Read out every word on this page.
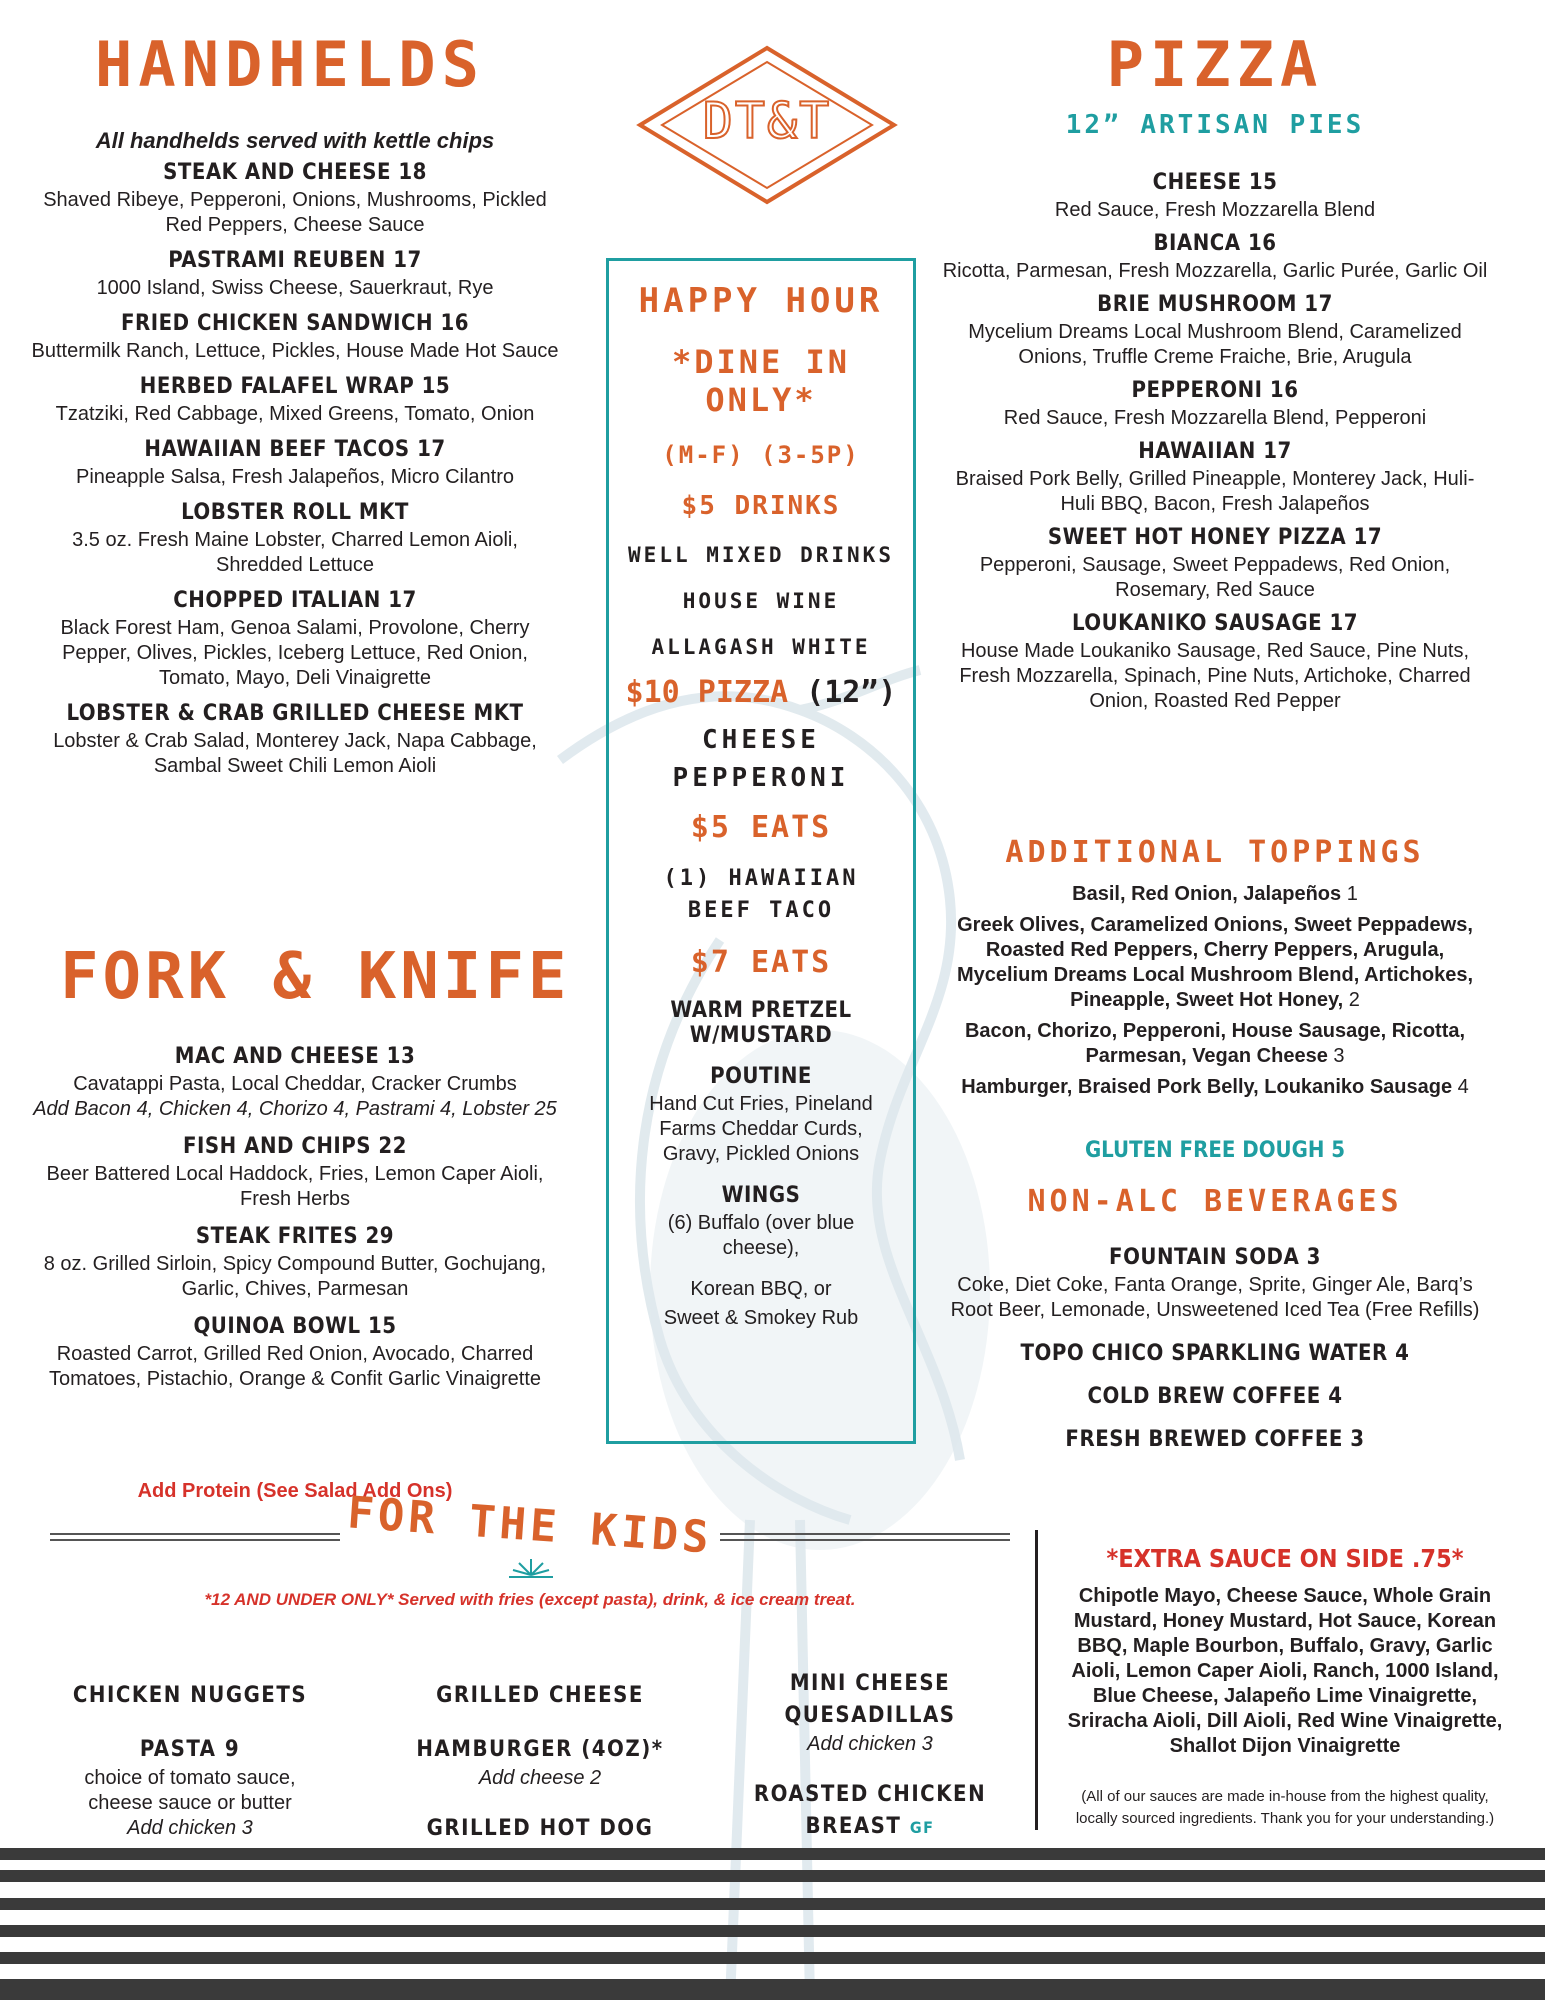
HANDHELDS
All handhelds served with kettle chips
STEAK AND CHEESE 18
Shaved Ribeye, Pepperoni, Onions, Mushrooms, Pickled Red Peppers, Cheese Sauce
PASTRAMI REUBEN 17
1000 Island, Swiss Cheese, Sauerkraut, Rye
FRIED CHICKEN SANDWICH 16
Buttermilk Ranch, Lettuce, Pickles, House Made Hot Sauce
HERBED FALAFEL WRAP 15
Tzatziki, Red Cabbage, Mixed Greens, Tomato, Onion
HAWAIIAN BEEF TACOS 17
Pineapple Salsa, Fresh Jalapeños, Micro Cilantro
LOBSTER ROLL MKT
3.5 oz. Fresh Maine Lobster, Charred Lemon Aioli, Shredded Lettuce
CHOPPED ITALIAN 17
Black Forest Ham, Genoa Salami, Provolone, Cherry Pepper, Olives, Pickles, Iceberg Lettuce, Red Onion, Tomato, Mayo, Deli Vinaigrette
LOBSTER & CRAB GRILLED CHEESE MKT
Lobster & Crab Salad, Monterey Jack, Napa Cabbage, Sambal Sweet Chili Lemon Aioli
FORK & KNIFE
MAC AND CHEESE 13
Cavatappi Pasta, Local Cheddar, Cracker Crumbs
Add Bacon 4, Chicken 4, Chorizo 4, Pastrami 4, Lobster 25
FISH AND CHIPS 22
Beer Battered Local Haddock, Fries, Lemon Caper Aioli, Fresh Herbs
STEAK FRITES 29
8 oz. Grilled Sirloin, Spicy Compound Butter, Gochujang, Garlic, Chives, Parmesan
QUINOA BOWL 15
Roasted Carrot, Grilled Red Onion, Avocado, Charred Tomatoes, Pistachio, Orange & Confit Garlic Vinaigrette
Add Protein (See Salad Add Ons)
DT&T
HAPPY HOUR
*DINE IN ONLY*
(M-F) (3-5P)
$5 DRINKS
WELL MIXED DRINKS
HOUSE WINE
ALLAGASH WHITE
$10 PIZZA (12”)
CHEESE
PEPPERONI
$5 EATS
(1) HAWAIIAN BEEF TACO
$7 EATS
WARM PRETZEL W/MUSTARD
POUTINE
Hand Cut Fries, Pineland Farms Cheddar Curds, Gravy, Pickled Onions
WINGS
(6) Buffalo (over blue cheese),
Korean BBQ, or
Sweet & Smokey Rub
PIZZA
12” ARTISAN PIES
CHEESE 15
Red Sauce, Fresh Mozzarella Blend
BIANCA 16
Ricotta, Parmesan, Fresh Mozzarella, Garlic Purée, Garlic Oil
BRIE MUSHROOM 17
Mycelium Dreams Local Mushroom Blend, Caramelized Onions, Truffle Creme Fraiche, Brie, Arugula
PEPPERONI 16
Red Sauce, Fresh Mozzarella Blend, Pepperoni
HAWAIIAN 17
Braised Pork Belly, Grilled Pineapple, Monterey Jack, Huli-Huli BBQ, Bacon, Fresh Jalapeños
SWEET HOT HONEY PIZZA 17
Pepperoni, Sausage, Sweet Peppadews, Red Onion, Rosemary, Red Sauce
LOUKANIKO SAUSAGE 17
House Made Loukaniko Sausage, Red Sauce, Pine Nuts, Fresh Mozzarella, Spinach, Pine Nuts, Artichoke, Charred Onion, Roasted Red Pepper
ADDITIONAL TOPPINGS
Basil, Red Onion, Jalapeños 1
Greek Olives, Caramelized Onions, Sweet Peppadews, Roasted Red Peppers, Cherry Peppers, Arugula, Mycelium Dreams Local Mushroom Blend, Artichokes, Pineapple, Sweet Hot Honey, 2
Bacon, Chorizo, Pepperoni, House Sausage, Ricotta, Parmesan, Vegan Cheese 3
Hamburger, Braised Pork Belly, Loukaniko Sausage 4
GLUTEN FREE DOUGH 5
NON-ALC BEVERAGES
FOUNTAIN SODA 3
Coke, Diet Coke, Fanta Orange, Sprite, Ginger Ale, Barq’s Root Beer, Lemonade, Unsweetened Iced Tea (Free Refills)
TOPO CHICO SPARKLING WATER 4
COLD BREW COFFEE 4
FRESH BREWED COFFEE 3
FOR THE KIDS
*12 AND UNDER ONLY* Served with fries (except pasta), drink, & ice cream treat.
CHICKEN NUGGETS
PASTA 9
choice of tomato sauce, cheese sauce or butter
Add chicken 3
GRILLED CHEESE
HAMBURGER (4OZ)*
Add cheese 2
GRILLED HOT DOG
MINI CHEESE QUESADILLAS
Add chicken 3
ROASTED CHICKEN BREAST GF
*EXTRA SAUCE ON SIDE .75*
Chipotle Mayo, Cheese Sauce, Whole Grain Mustard, Honey Mustard, Hot Sauce, Korean BBQ, Maple Bourbon, Buffalo, Gravy, Garlic Aioli, Lemon Caper Aioli, Ranch, 1000 Island, Blue Cheese, Jalapeño Lime Vinaigrette, Sriracha Aioli, Dill Aioli, Red Wine Vinaigrette, Shallot Dijon Vinaigrette
(All of our sauces are made in-house from the highest quality, locally sourced ingredients. Thank you for your understanding.)
